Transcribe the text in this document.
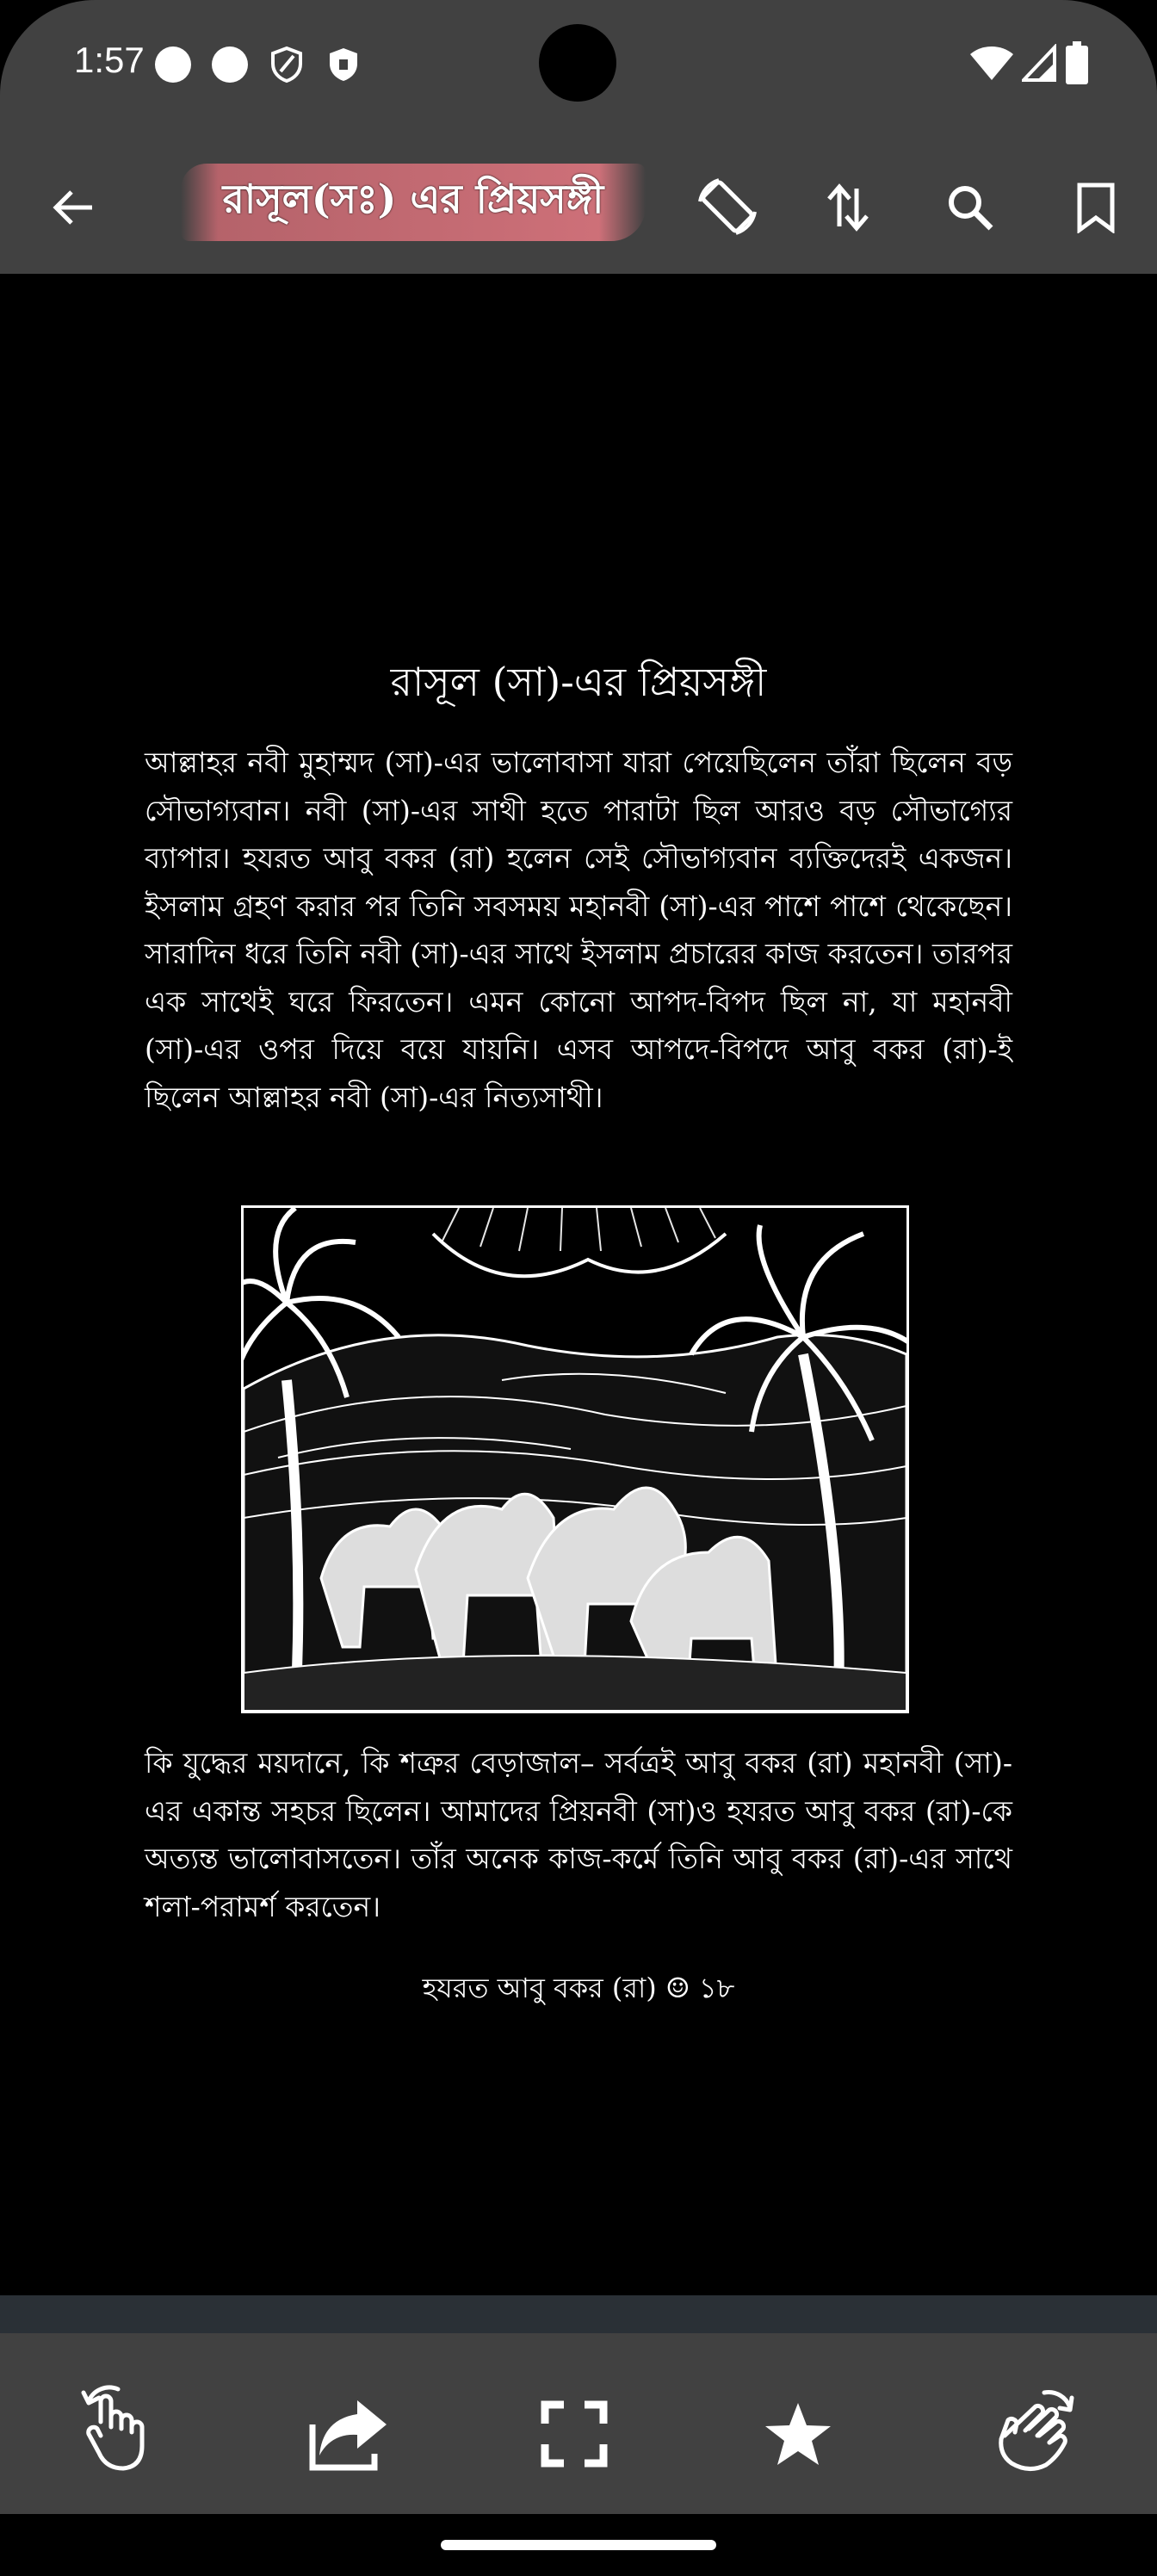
1:57
রাসূল(সঃ) এর প্রিয়সঙ্গী
রাসূল (সা)-এর প্রিয়সঙ্গী
আল্লাহর নবী মুহাম্মদ (সা)-এর ভালোবাসা যারা পেয়েছিলেন তাঁরা ছিলেন বড় সৌভাগ্যবান। নবী (সা)-এর সাথী হতে পারাটা ছিল আরও বড় সৌভাগ্যের ব্যাপার। হযরত আবু বকর (রা) হলেন সেই সৌভাগ্যবান ব্যক্তিদেরই একজন। ইসলাম গ্রহণ করার পর তিনি সবসময় মহানবী (সা)-এর পাশে পাশে থেকেছেন। সারাদিন ধরে তিনি নবী (সা)-এর সাথে ইসলাম প্রচারের কাজ করতেন। তারপর এক সাথেই ঘরে ফিরতেন। এমন কোনো আপদ-বিপদ ছিল না, যা মহানবী (সা)-এর ওপর দিয়ে বয়ে যায়নি। এসব আপদে-বিপদে আবু বকর (রা)-ই ছিলেন আল্লাহর নবী (সা)-এর নিত্যসাথী।
কি যুদ্ধের ময়দানে, কি শত্রুর বেড়াজাল– সর্বত্রই আবু বকর (রা) মহানবী (সা)-এর একান্ত সহচর ছিলেন। আমাদের প্রিয়নবী (সা)ও হযরত আবু বকর (রা)-কে অত্যন্ত ভালোবাসতেন। তাঁর অনেক কাজ-কর্মে তিনি আবু বকর (রা)-এর সাথে শলা-পরামর্শ করতেন।
হযরত আবু বকর (রা) ☺ ১৮
